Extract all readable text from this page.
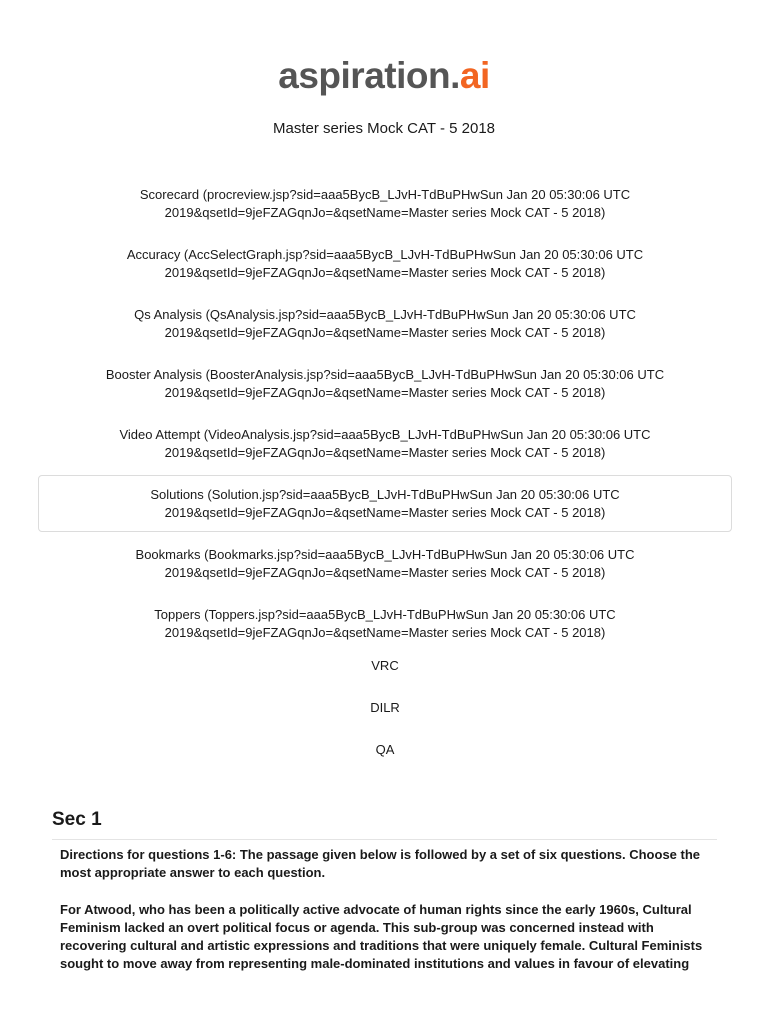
aspiration.ai
Master series Mock CAT - 5 2018
Scorecard (procreview.jsp?sid=aaa5BycB_LJvH-TdBuPHwSun Jan 20 05:30:06 UTC 2019&qsetId=9jeFZAGqnJo=&qsetName=Master series Mock CAT - 5 2018)
Accuracy (AccSelectGraph.jsp?sid=aaa5BycB_LJvH-TdBuPHwSun Jan 20 05:30:06 UTC 2019&qsetId=9jeFZAGqnJo=&qsetName=Master series Mock CAT - 5 2018)
Qs Analysis (QsAnalysis.jsp?sid=aaa5BycB_LJvH-TdBuPHwSun Jan 20 05:30:06 UTC 2019&qsetId=9jeFZAGqnJo=&qsetName=Master series Mock CAT - 5 2018)
Booster Analysis (BoosterAnalysis.jsp?sid=aaa5BycB_LJvH-TdBuPHwSun Jan 20 05:30:06 UTC 2019&qsetId=9jeFZAGqnJo=&qsetName=Master series Mock CAT - 5 2018)
Video Attempt (VideoAnalysis.jsp?sid=aaa5BycB_LJvH-TdBuPHwSun Jan 20 05:30:06 UTC 2019&qsetId=9jeFZAGqnJo=&qsetName=Master series Mock CAT - 5 2018)
Solutions (Solution.jsp?sid=aaa5BycB_LJvH-TdBuPHwSun Jan 20 05:30:06 UTC 2019&qsetId=9jeFZAGqnJo=&qsetName=Master series Mock CAT - 5 2018)
Bookmarks (Bookmarks.jsp?sid=aaa5BycB_LJvH-TdBuPHwSun Jan 20 05:30:06 UTC 2019&qsetId=9jeFZAGqnJo=&qsetName=Master series Mock CAT - 5 2018)
Toppers (Toppers.jsp?sid=aaa5BycB_LJvH-TdBuPHwSun Jan 20 05:30:06 UTC 2019&qsetId=9jeFZAGqnJo=&qsetName=Master series Mock CAT - 5 2018)
VRC
DILR
QA
Sec 1

Directions for questions 1-6: The passage given below is followed by a set of six questions. Choose the most appropriate answer to each question.

For Atwood, who has been a politically active advocate of human rights since the early 1960s, Cultural Feminism lacked an overt political focus or agenda. This sub-group was concerned instead with recovering cultural and artistic expressions and traditions that were uniquely female. Cultural Feminists sought to move away from representing male-dominated institutions and values in favour of elevating
